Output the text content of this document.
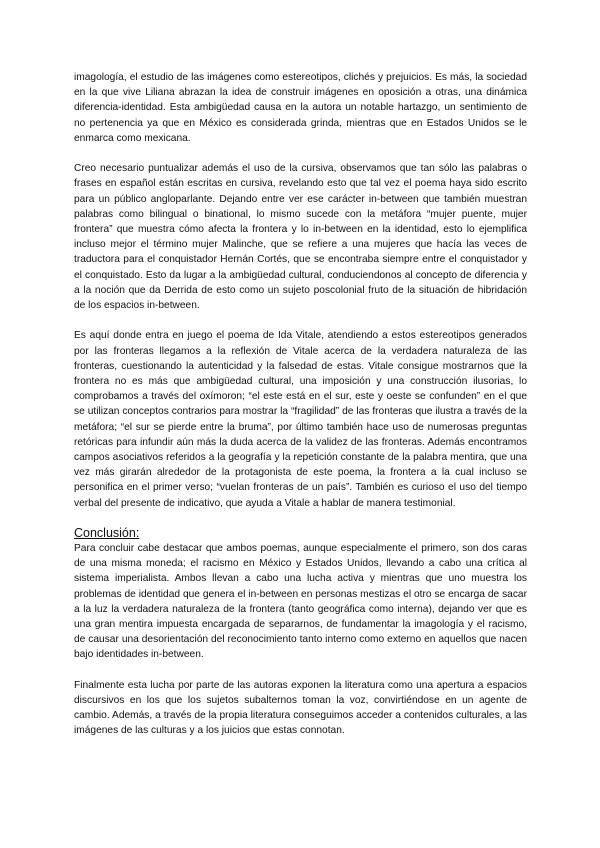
imagología, el estudio de las imágenes como estereotipos, clichés y prejuicios. Es más, la sociedad en la que vive Liliana abrazan la idea de construir imágenes en oposición a otras, una dinámica diferencia-identidad. Esta ambigüedad causa en la autora un notable hartazgo, un sentimiento de no pertenencia ya que en México es considerada grinda, mientras que en Estados Unidos se le enmarca como mexicana.

Creo necesario puntualizar además el uso de la cursiva, observamos que tan sólo las palabras o frases en español están escritas en cursiva, revelando esto que tal vez el poema haya sido escrito para un público angloparlante. Dejando entre ver ese carácter in-between que también muestran palabras como bilingual o binational, lo mismo sucede con la metáfora “mujer puente, mujer frontera” que muestra cómo afecta la frontera y lo in-between en la identidad, esto lo ejemplifica incluso mejor el término mujer Malinche, que se refiere a una mujeres que hacía las veces de traductora para el conquistador Hernán Cortés, que se encontraba siempre entre el conquistador y el conquistado. Esto da lugar a la ambigüedad cultural, conduciendonos al concepto de diferencia y a la noción que da Derrida de esto como un sujeto poscolonial fruto de la situación de hibridación de los espacios in-between.

Es aquí donde entra en juego el poema de Ida Vitale, atendiendo a estos estereotipos generados por las fronteras llegamos a la reflexión de Vitale acerca de la verdadera naturaleza de las fronteras, cuestionando la autenticidad y la falsedad de estas. Vitale consigue mostrarnos que la frontera no es más que ambigüedad cultural, una imposición y una construcción ilusorias, lo comprobamos a través del oxímoron; “el este está en el sur, este y oeste se confunden” en el que se utilizan conceptos contrarios para mostrar la “fragilidad” de las fronteras que ilustra a través de la metáfora; “el sur se pierde entre la bruma”, por último también hace uso de numerosas preguntas retóricas para infundir aún más la duda acerca de la validez de las fronteras. Además encontramos campos asociativos referidos a la geografía y la repetición constante de la palabra mentira, que una vez más girarán alrededor de la protagonista de este poema, la frontera a la cual incluso se personifica en el primer verso; “vuelan fronteras de un país”. También es curioso el uso del tiempo verbal del presente de indicativo, que ayuda a Vitale a hablar de manera testimonial.

Conclusión:

Para concluir cabe destacar que ambos poemas, aunque especialmente el primero, son dos caras de una misma moneda; el racismo en México y Estados Unidos, llevando a cabo una crítica al sistema imperialista. Ambos llevan a cabo una lucha activa y mientras que uno muestra los problemas de identidad que genera el in-between en personas mestizas el otro se encarga de sacar a la luz la verdadera naturaleza de la frontera (tanto geográfica como interna), dejando ver que es una gran mentira impuesta encargada de separarnos, de fundamentar la imagología y el racismo, de causar una desorientación del reconocimiento tanto interno como externo en aquellos que nacen bajo identidades in-between.

Finalmente esta lucha por parte de las autoras exponen la literatura como una apertura a espacios discursivos en los que los sujetos subalternos toman la voz, convirtiéndose en un agente de cambio. Además, a través de la propia literatura conseguimos acceder a contenidos culturales, a las imágenes de las culturas y a los juicios que estas connotan.
